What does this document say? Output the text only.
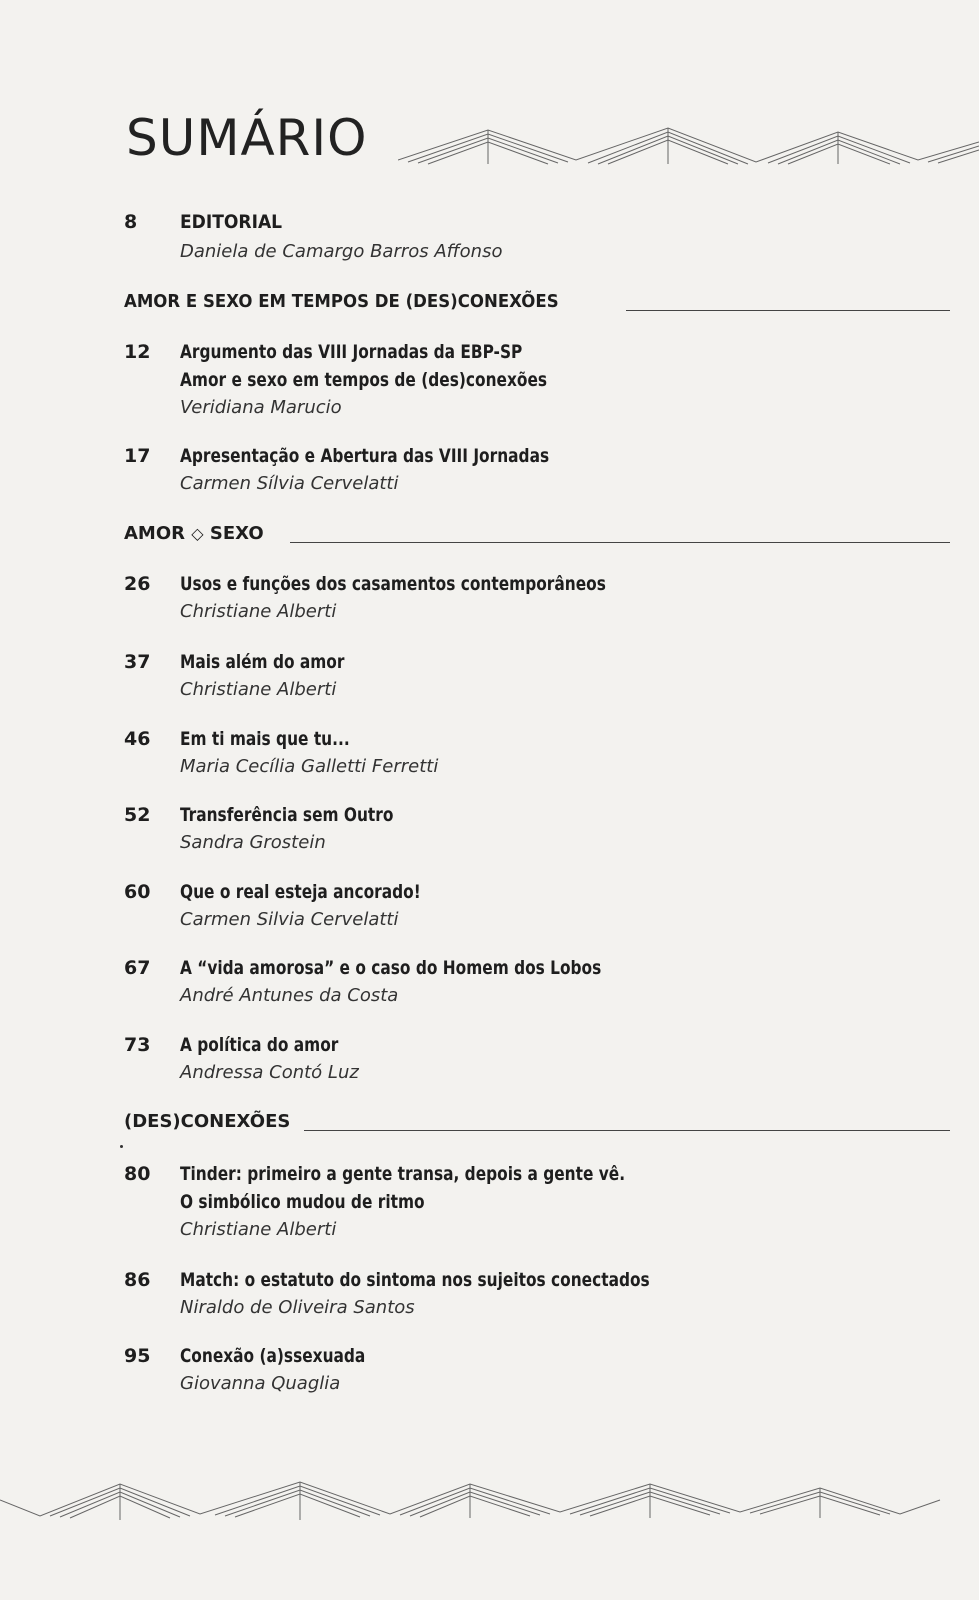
SUMÁRIO
8 EDITORIAL
Daniela de Camargo Barros Affonso
AMOR E SEXO EM TEMPOS DE (DES)CONEXÕES
12 Argumento das VIII Jornadas da EBP-SP
Amor e sexo em tempos de (des)conexões
Veridiana Marucio
17 Apresentação e Abertura das VIII Jornadas
Carmen Sílvia Cervelatti
AMOR ◇ SEXO
26 Usos e funções dos casamentos contemporâneos
Christiane Alberti
37 Mais além do amor
Christiane Alberti
46 Em ti mais que tu...
Maria Cecília Galletti Ferretti
52 Transferência sem Outro
Sandra Grostein
60 Que o real esteja ancorado!
Carmen Silvia Cervelatti
67 A “vida amorosa” e o caso do Homem dos Lobos
André Antunes da Costa
73 A política do amor
Andressa Contó Luz
(DES)CONEXÕES
80 Tinder: primeiro a gente transa, depois a gente vê.
O simbólico mudou de ritmo
Christiane Alberti
86 Match: o estatuto do sintoma nos sujeitos conectados
Niraldo de Oliveira Santos
95 Conexão (a)ssexuada
Giovanna Quaglia
